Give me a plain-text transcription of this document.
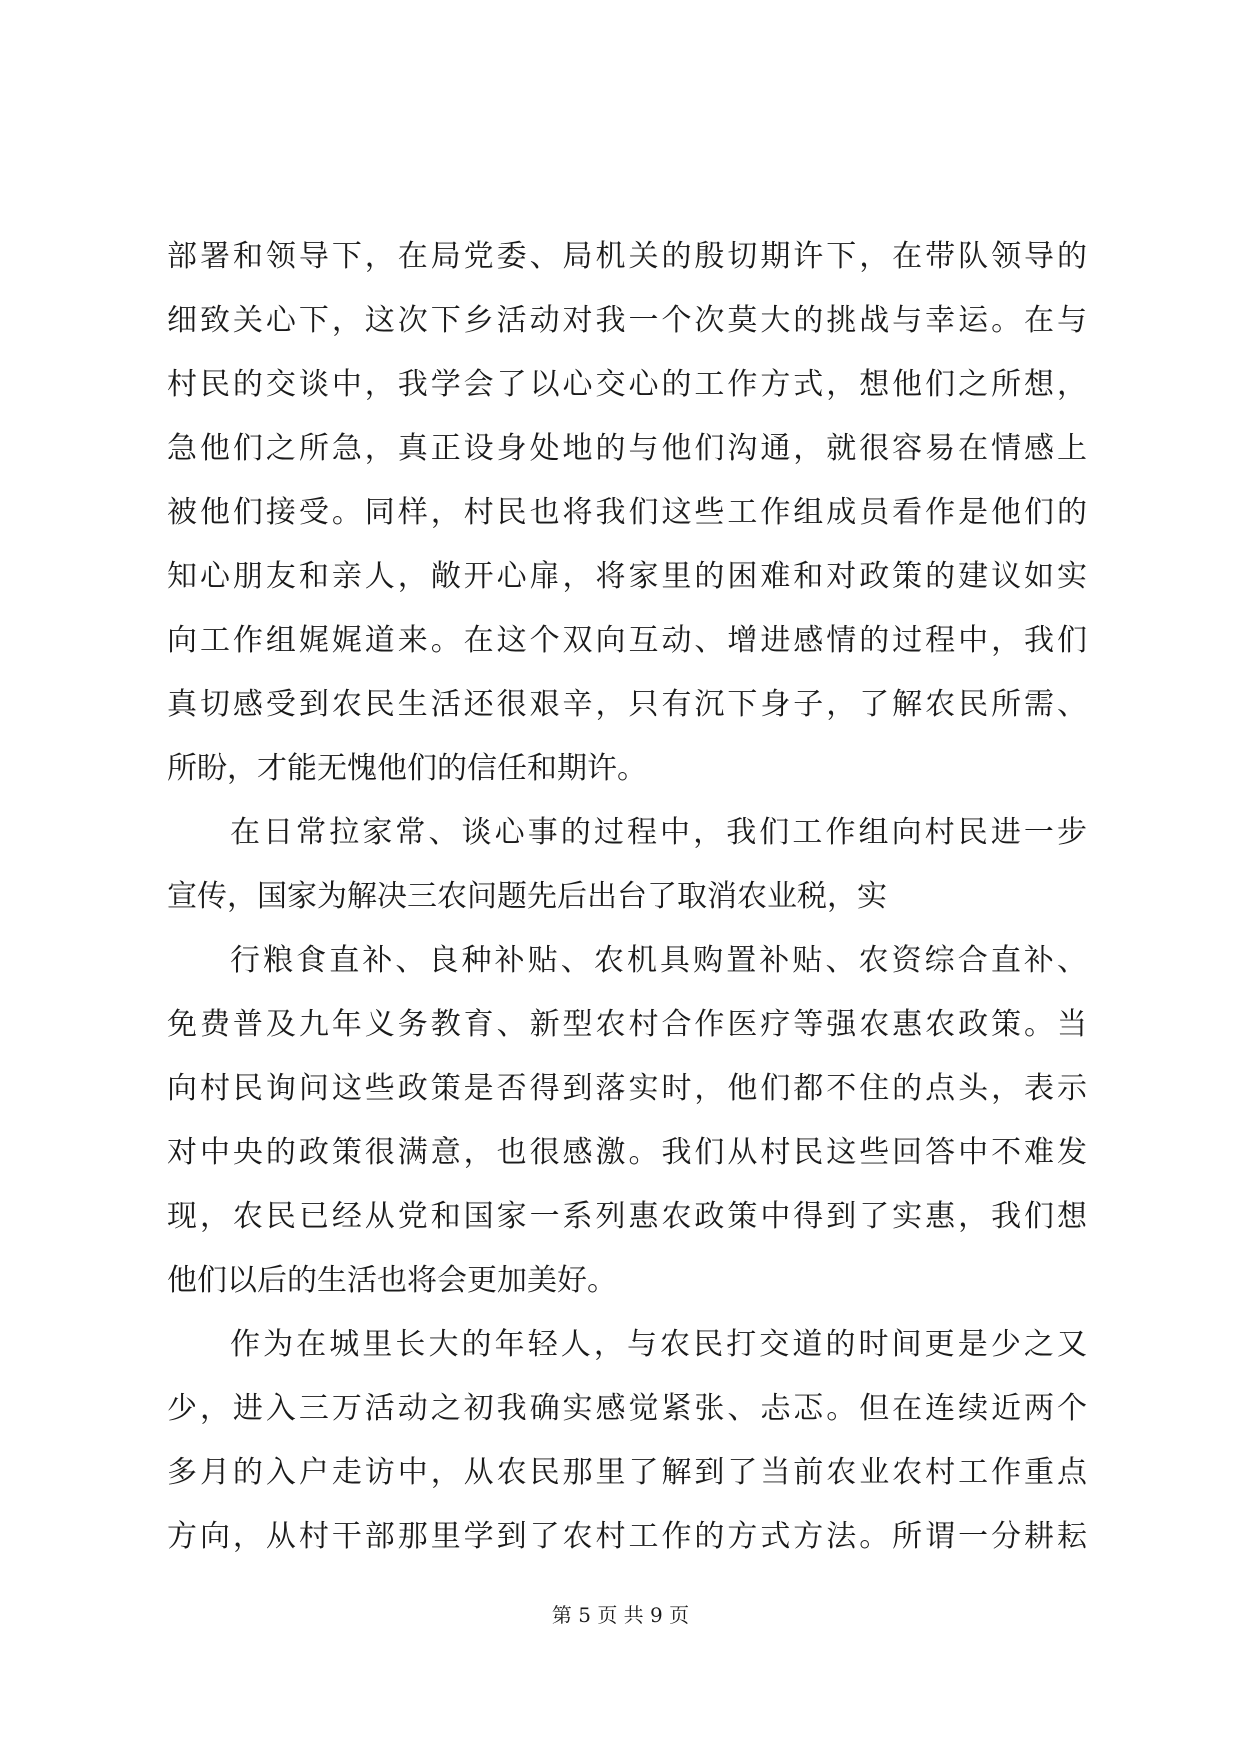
部署和领导下，在局党委、局机关的殷切期许下，在带队领导的
细致关心下，这次下乡活动对我一个次莫大的挑战与幸运。在与
村民的交谈中，我学会了以心交心的工作方式，想他们之所想，
急他们之所急，真正设身处地的与他们沟通，就很容易在情感上
被他们接受。同样，村民也将我们这些工作组成员看作是他们的
知心朋友和亲人，敞开心扉，将家里的困难和对政策的建议如实
向工作组娓娓道来。在这个双向互动、增进感情的过程中，我们
真切感受到农民生活还很艰辛，只有沉下身子，了解农民所需、
所盼，才能无愧他们的信任和期许。
在日常拉家常、谈心事的过程中，我们工作组向村民进一步
宣传，国家为解决三农问题先后出台了取消农业税，实
行粮食直补、良种补贴、农机具购置补贴、农资综合直补、
免费普及九年义务教育、新型农村合作医疗等强农惠农政策。当
向村民询问这些政策是否得到落实时，他们都不住的点头，表示
对中央的政策很满意，也很感激。我们从村民这些回答中不难发
现，农民已经从党和国家一系列惠农政策中得到了实惠，我们想
他们以后的生活也将会更加美好。
作为在城里长大的年轻人，与农民打交道的时间更是少之又
少，进入三万活动之初我确实感觉紧张、忐忑。但在连续近两个
多月的入户走访中，从农民那里了解到了当前农业农村工作重点
方向，从村干部那里学到了农村工作的方式方法。所谓一分耕耘
第 5 页 共 9 页
